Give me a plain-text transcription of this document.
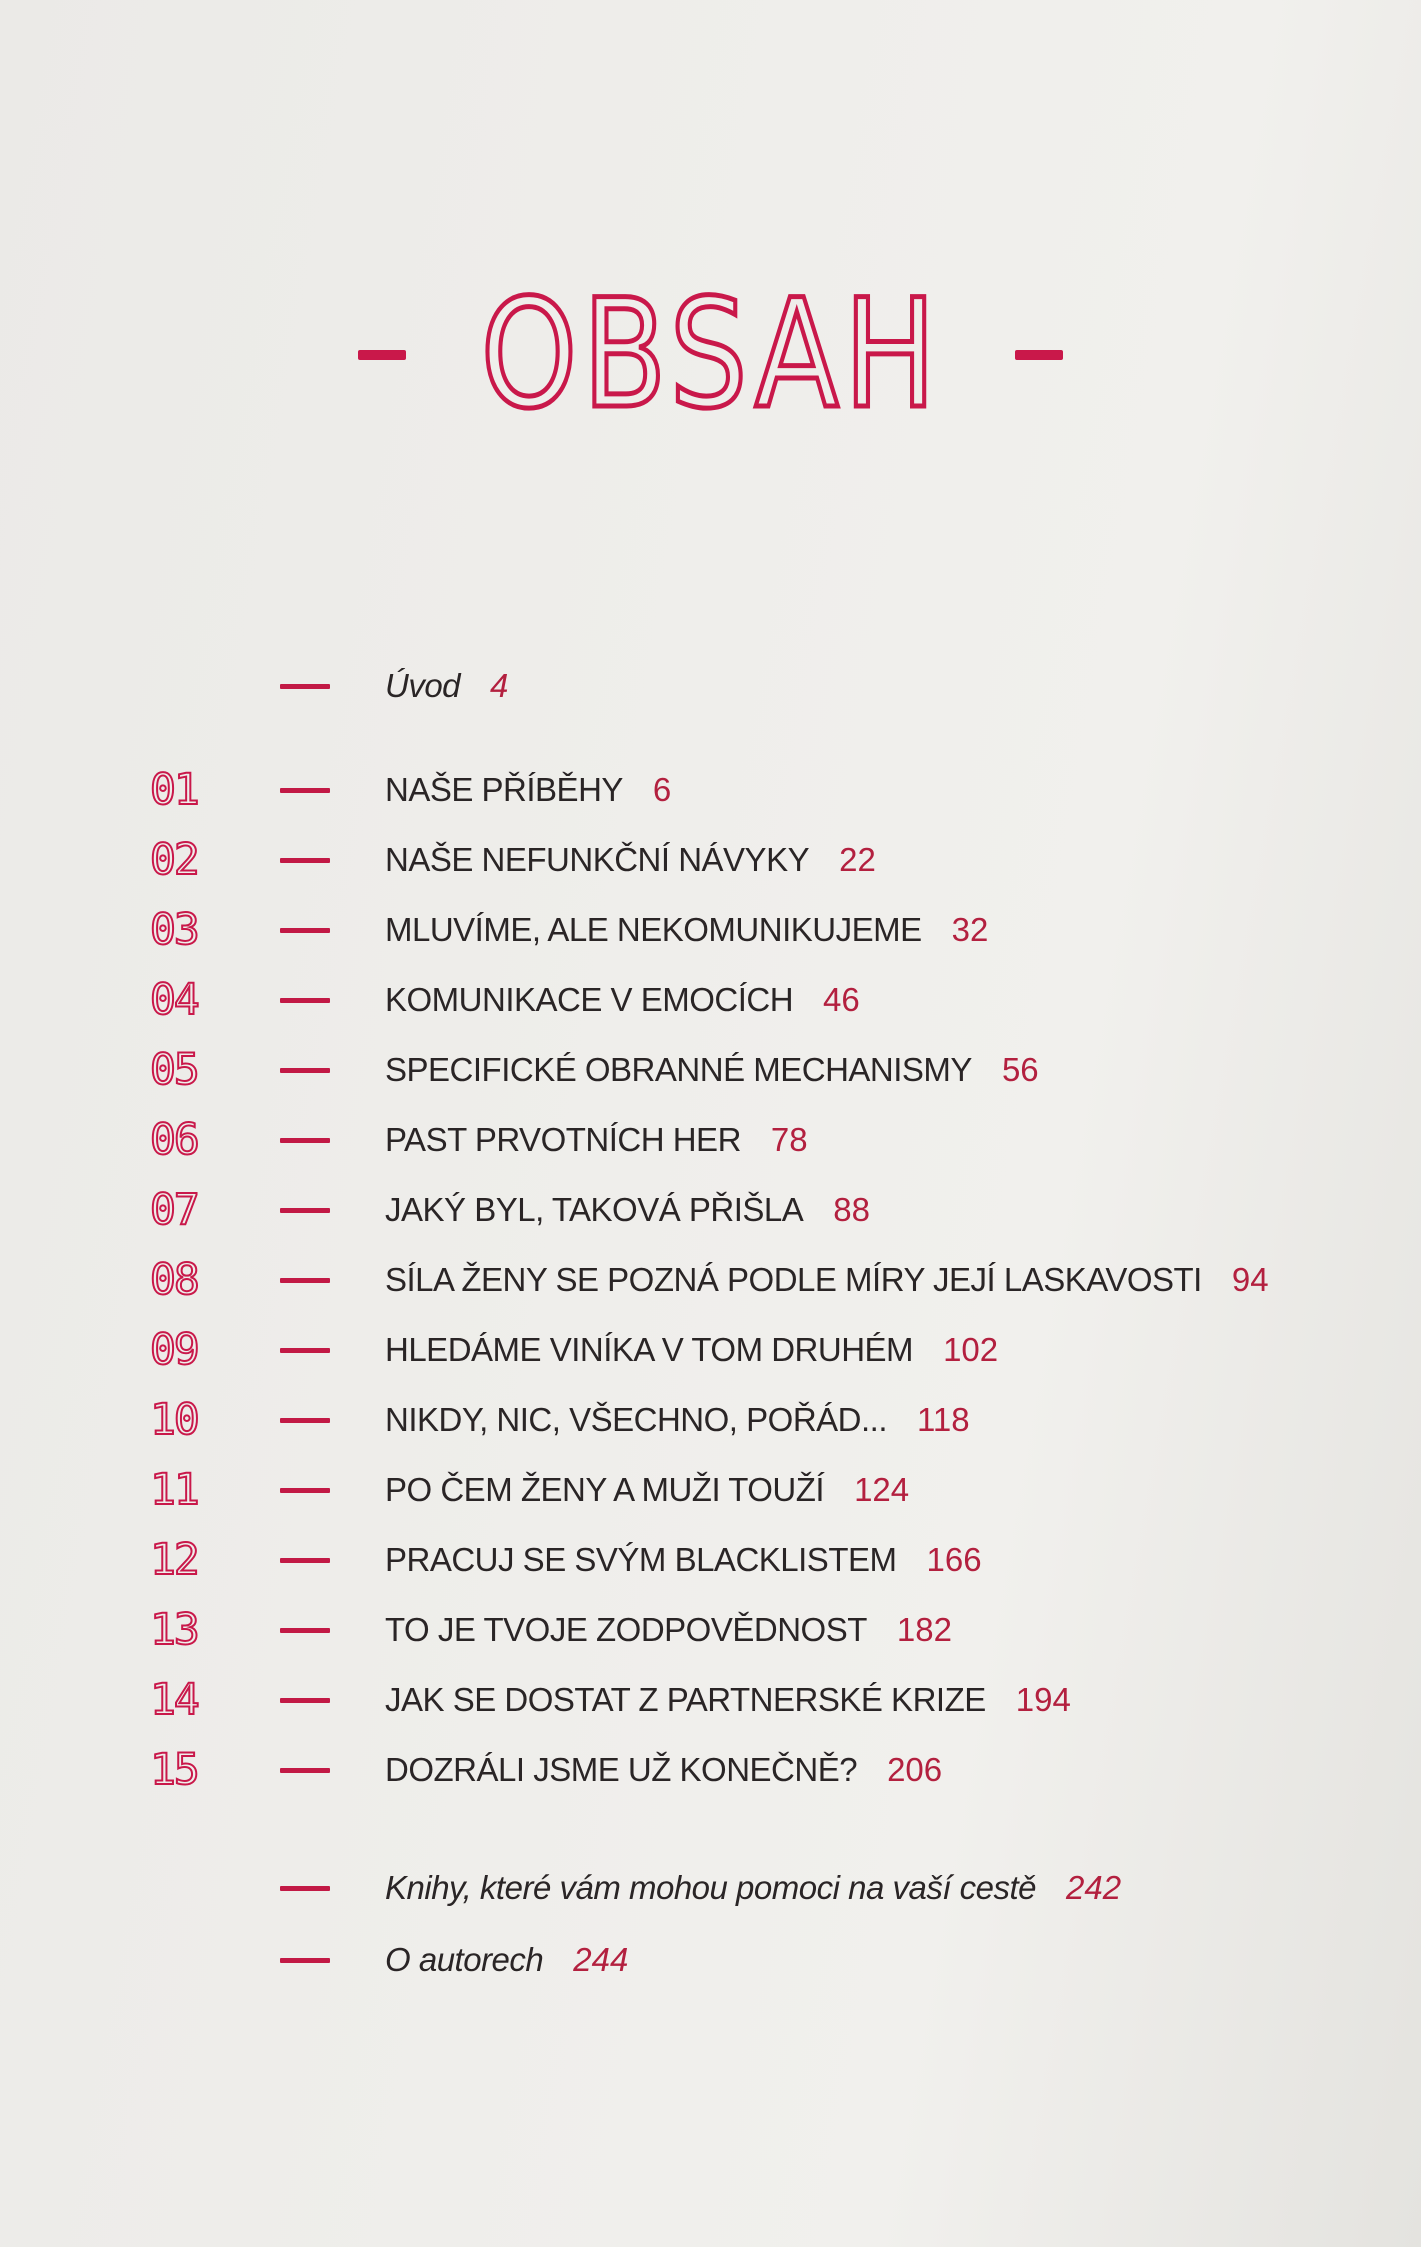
OBSAH
Úvod 4
01	NAŠE PŘÍBĚHY 6
02	NAŠE NEFUNKČNÍ NÁVYKY 22
03	MLUVÍME, ALE NEKOMUNIKUJEME 32
04	KOMUNIKACE V EMOCÍCH 46
05	SPECIFICKÉ OBRANNÉ MECHANISMY 56
06	PAST PRVOTNÍCH HER 78
07	JAKÝ BYL, TAKOVÁ PŘIŠLA 88
08	SÍLA ŽENY SE POZNÁ PODLE MÍRY JEJÍ LASKAVOSTI 94
09	HLEDÁME VINÍKA V TOM DRUHÉM 102
10	NIKDY, NIC, VŠECHNO, POŘÁD... 118
11	PO ČEM ŽENY A MUŽI TOUŽÍ 124
12	PRACUJ SE SVÝM BLACKLISTEM 166
13	TO JE TVOJE ZODPOVĚDNOST 182
14	JAK SE DOSTAT Z PARTNERSKÉ KRIZE 194
15	DOZRÁLI JSME UŽ KONEČNĚ? 206
Knihy, které vám mohou pomoci na vaší cestě 242
O autorech 244
